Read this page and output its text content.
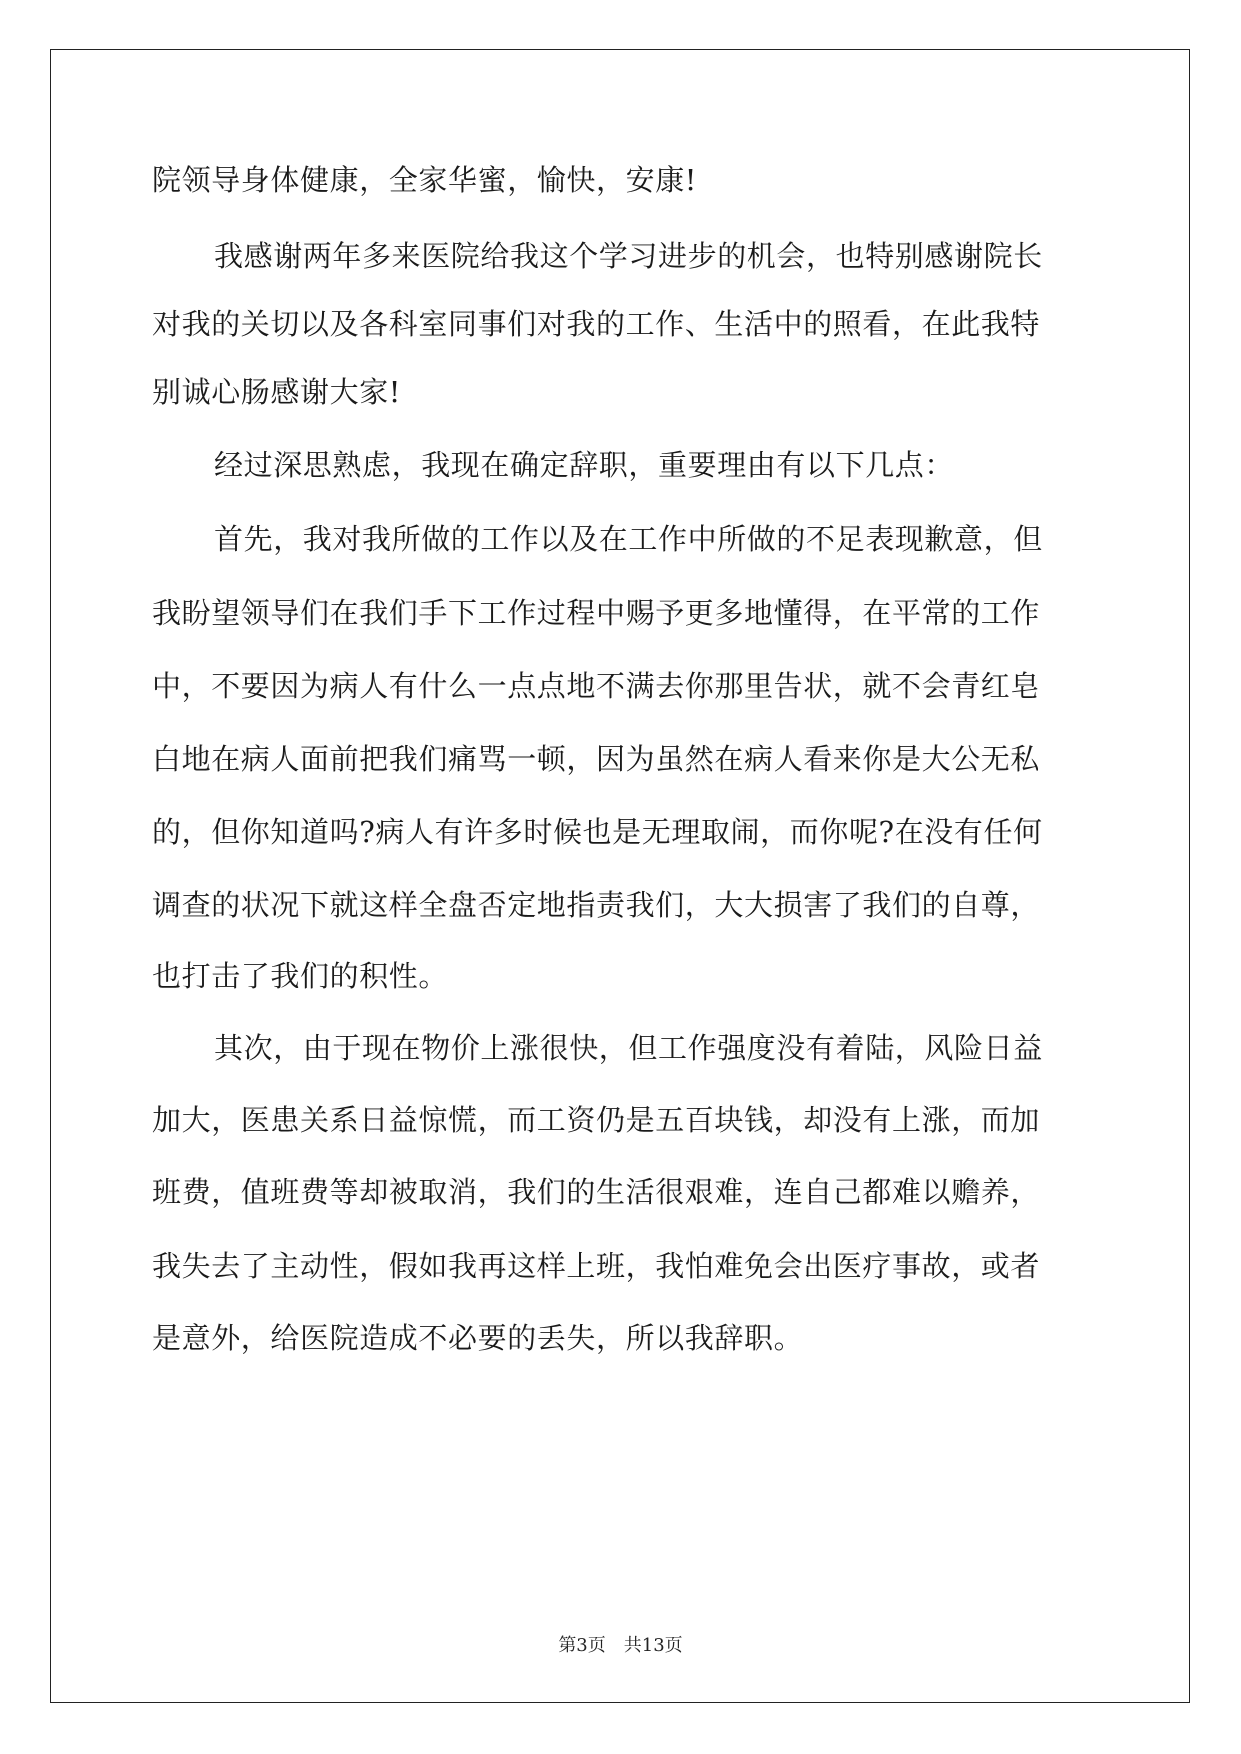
院领导身体健康，全家华蜜，愉快，安康!
我感谢两年多来医院给我这个学习进步的机会，也特别感谢院长
对我的关切以及各科室同事们对我的工作、生活中的照看，在此我特
别诚心肠感谢大家!
经过深思熟虑，我现在确定辞职，重要理由有以下几点：
首先，我对我所做的工作以及在工作中所做的不足表现歉意，但
我盼望领导们在我们手下工作过程中赐予更多地懂得，在平常的工作
中，不要因为病人有什么一点点地不满去你那里告状，就不会青红皂
白地在病人面前把我们痛骂一顿，因为虽然在病人看来你是大公无私
的，但你知道吗?病人有许多时候也是无理取闹，而你呢?在没有任何
调查的状况下就这样全盘否定地指责我们，大大损害了我们的自尊，
也打击了我们的积性。
其次，由于现在物价上涨很快，但工作强度没有着陆，风险日益
加大，医患关系日益惊慌，而工资仍是五百块钱，却没有上涨，而加
班费，值班费等却被取消，我们的生活很艰难，连自己都难以赡养，
我失去了主动性，假如我再这样上班，我怕难免会出医疗事故，或者
是意外，给医院造成不必要的丢失，所以我辞职。
第3页　共13页
